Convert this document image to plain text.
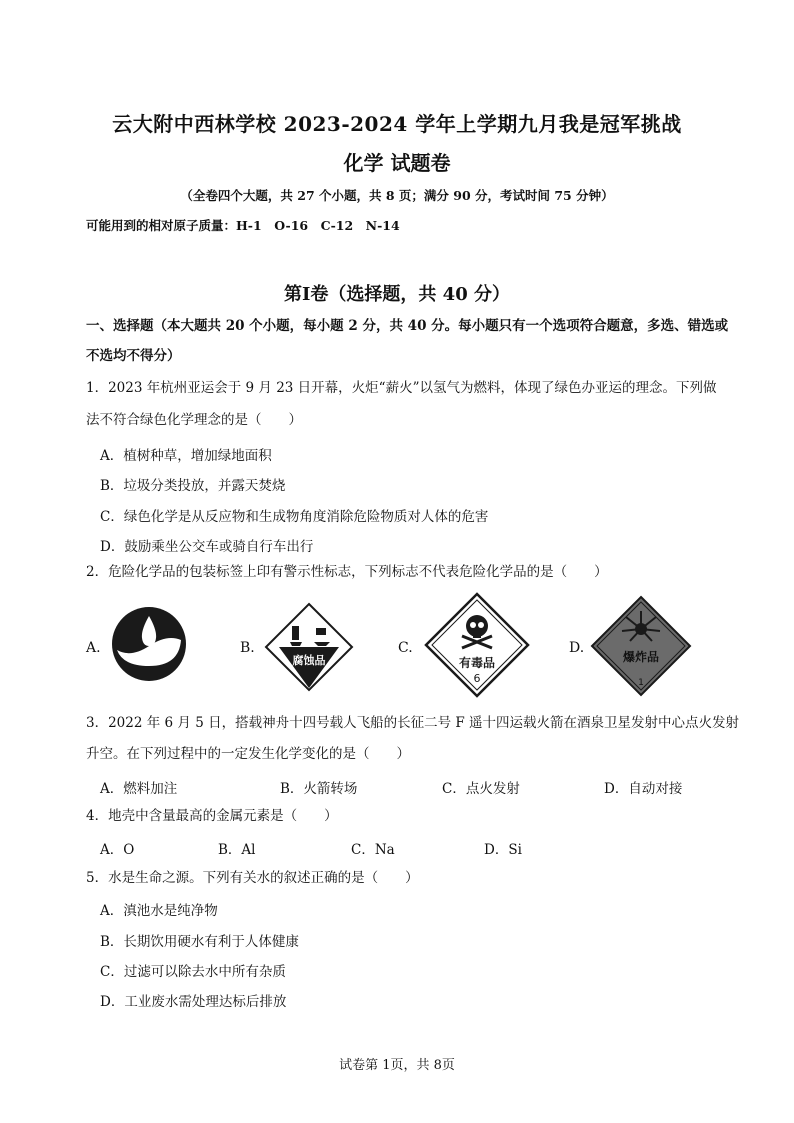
云大附中西林学校 2023-2024 学年上学期九月我是冠军挑战
化学 试题卷
（全卷四个大题，共 27 个小题，共 8 页；满分 90 分，考试时间 75 分钟）
可能用到的相对原子质量：H-1　O-16　C-12　N-14
第Ⅰ卷（选择题，共 40 分）
一、选择题（本大题共 20 个小题，每小题 2 分，共 40 分。每小题只有一个选项符合题意，多选、错选或
不选均不得分）
1．2023 年杭州亚运会于 9 月 23 日开幕，火炬“薪火”以氢气为燃料，体现了绿色办亚运的理念。下列做
法不符合绿色化学理念的是（　　）
A．植树种草，增加绿地面积
B．垃圾分类投放，并露天焚烧
C．绿色化学是从反应物和生成物角度消除危险物质对人体的危害
D．鼓励乘坐公交车或骑自行车出行
2．危险化学品的包装标签上印有警示性标志，下列标志不代表危险化学品的是（　　）
A.	B.
腐蚀品
C.
有毒品
6
D.
爆炸品
1
3．2022 年 6 月 5 日，搭载神舟十四号载人飞船的长征二号 F 遥十四运载火箭在酒泉卫星发射中心点火发射
升空。在下列过程中的一定发生化学变化的是（　　）
A．燃料加注	B．火箭转场	C．点火发射	D．自动对接
4．地壳中含量最高的金属元素是（　　）
A．O	B．Al	C．Na	D．Si
5．水是生命之源。下列有关水的叙述正确的是（　　）
A．滇池水是纯净物
B．长期饮用硬水有利于人体健康
C．过滤可以除去水中所有杂质
D．工业废水需处理达标后排放
试卷第 1页，共 8页
